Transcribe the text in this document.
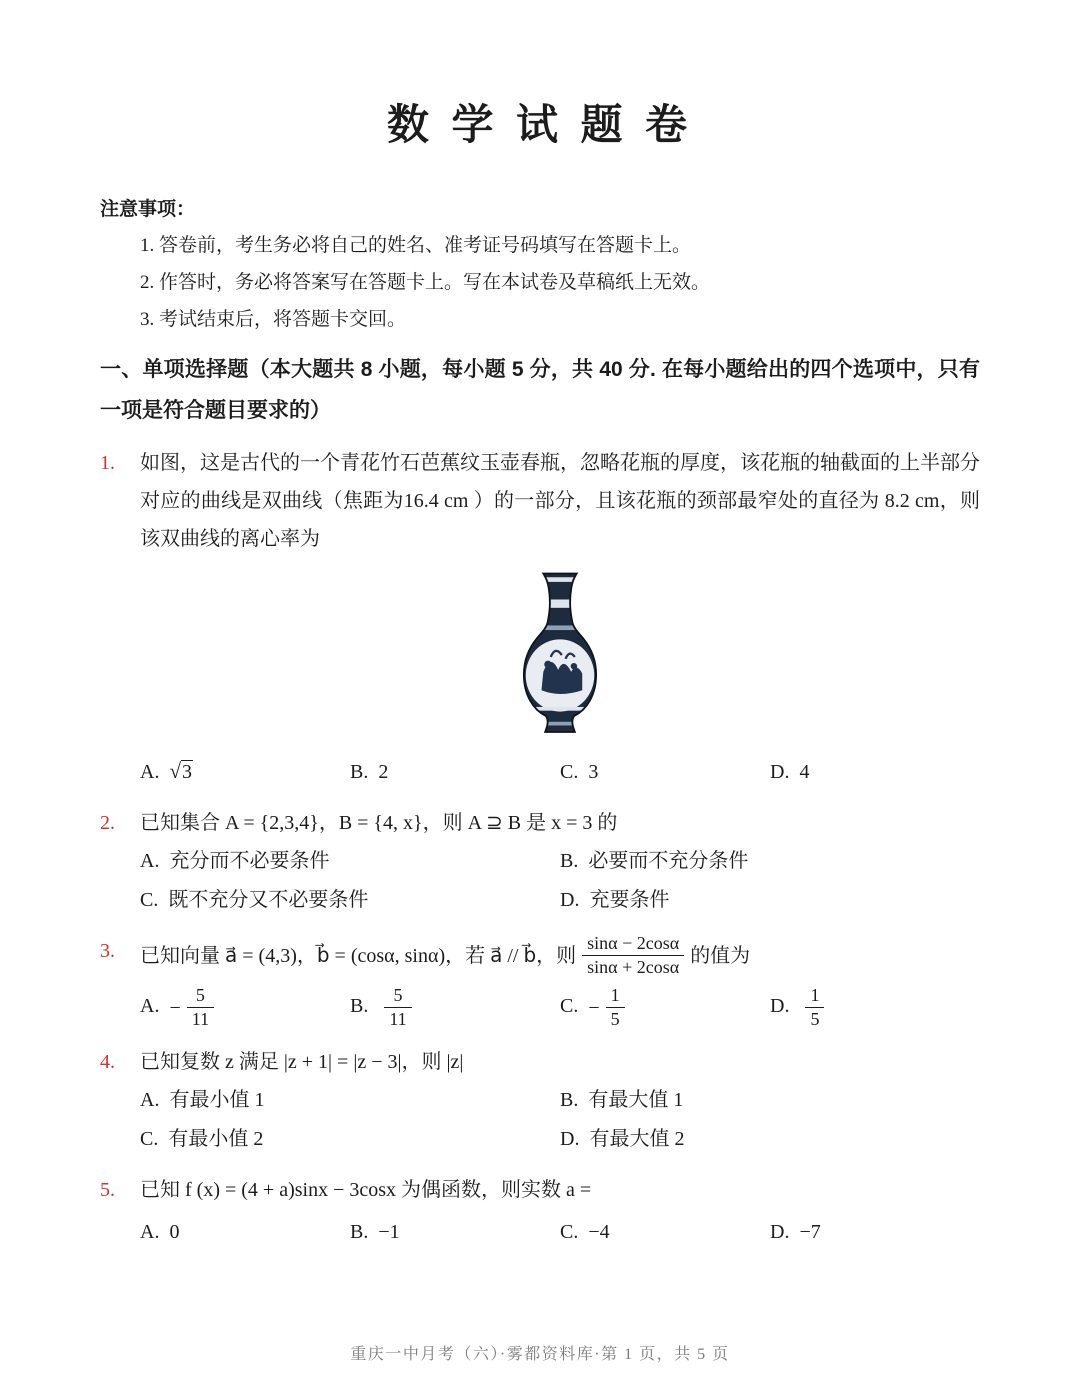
数 学 试 题 卷
注意事项：
1. 答卷前，考生务必将自己的姓名、准考证号码填写在答题卡上。
2. 作答时，务必将答案写在答题卡上。写在本试卷及草稿纸上无效。
3. 考试结束后，将答题卡交回。
一、单项选择题（本大题共 8 小题，每小题 5 分，共 40 分. 在每小题给出的四个选项中，只有一项是符合题目要求的）
1.	如图，这是古代的一个青花竹石芭蕉纹玉壶春瓶，忽略花瓶的厚度，该花瓶的轴截面的上半部分对应的曲线是双曲线（焦距为16.4 cm ）的一部分，且该花瓶的颈部最窄处的直径为 8.2 cm，则该双曲线的离心率为

A. √3	B. 2	C. 3	D. 4
2.	已知集合 A = {2,3,4}，B = {4, x}，则 A ⊇ B 是 x = 3 的

A. 充分而不必要条件	B. 必要而不充分条件
C. 既不充分又不必要条件	D. 充要条件
3.	已知向量 a⃗ = (4,3)，b⃗ = (cosα, sinα)，若 a⃗ // b⃗，则 $\frac{\sin\alpha - 2\cos\alpha}{\sin\alpha + 2\cos\alpha}$ 的值为
A. − $\frac{5}{11}$	B. $\frac{5}{11}$	C. − $\frac{1}{5}$	D. $\frac{1}{5}$
4.	已知复数 z 满足 |z + 1| = |z − 3|，则 |z|

A. 有最小值 1	B. 有最大值 1
C. 有最小值 2	D. 有最大值 2
5.	已知 f (x) = (4 + a)sinx − 3cosx 为偶函数，则实数 a =

A. 0	B. −1	C. −4	D. −7
重庆一中月考（六）·雾都资料库·第 1 页，共 5 页
